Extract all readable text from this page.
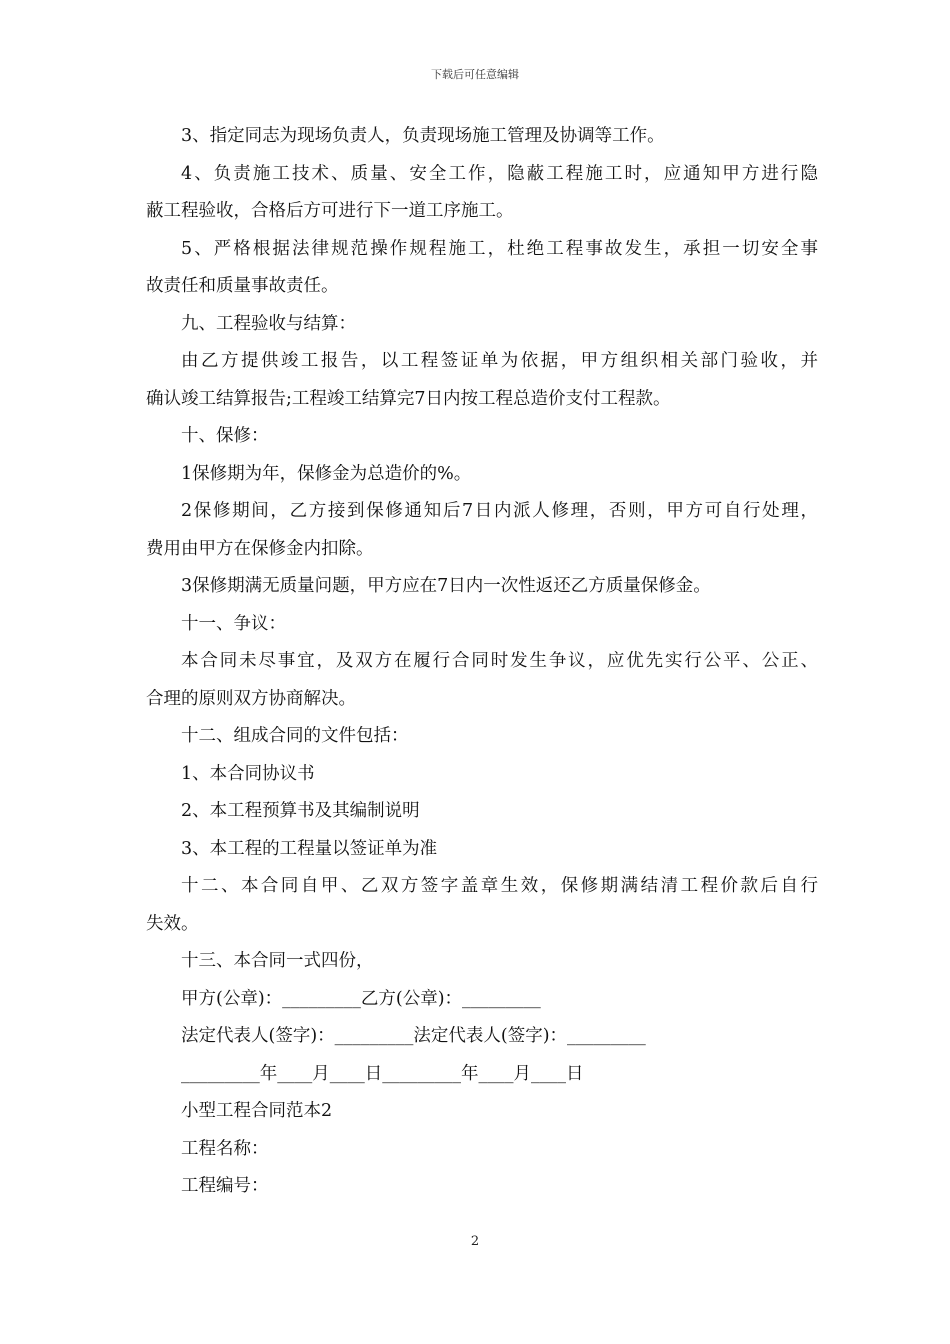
下载后可任意编辑
3、指定同志为现场负责人，负责现场施工管理及协调等工作。
4、负责施工技术、质量、安全工作，隐蔽工程施工时，应通知甲方进行隐
蔽工程验收，合格后方可进行下一道工序施工。
5、严格根据法律规范操作规程施工，杜绝工程事故发生，承担一切安全事
故责任和质量事故责任。
九、工程验收与结算：
由乙方提供竣工报告，以工程签证单为依据，甲方组织相关部门验收，并
确认竣工结算报告;工程竣工结算完7日内按工程总造价支付工程款。
十、保修：
1保修期为年，保修金为总造价的%。
2保修期间，乙方接到保修通知后7日内派人修理，否则，甲方可自行处理，
费用由甲方在保修金内扣除。
3保修期满无质量问题，甲方应在7日内一次性返还乙方质量保修金。
十一、争议：
本合同未尽事宜，及双方在履行合同时发生争议，应优先实行公平、公正、
合理的原则双方协商解决。
十二、组成合同的文件包括：
1、本合同协议书
2、本工程预算书及其编制说明
3、本工程的工程量以签证单为准
十二、本合同自甲、乙双方签字盖章生效，保修期满结清工程价款后自行
失效。
十三、本合同一式四份，
甲方(公章)：_________乙方(公章)：_________
法定代表人(签字)：_________法定代表人(签字)：_________
_________年____月____日_________年____月____日
小型工程合同范本2
工程名称：
工程编号：
2
